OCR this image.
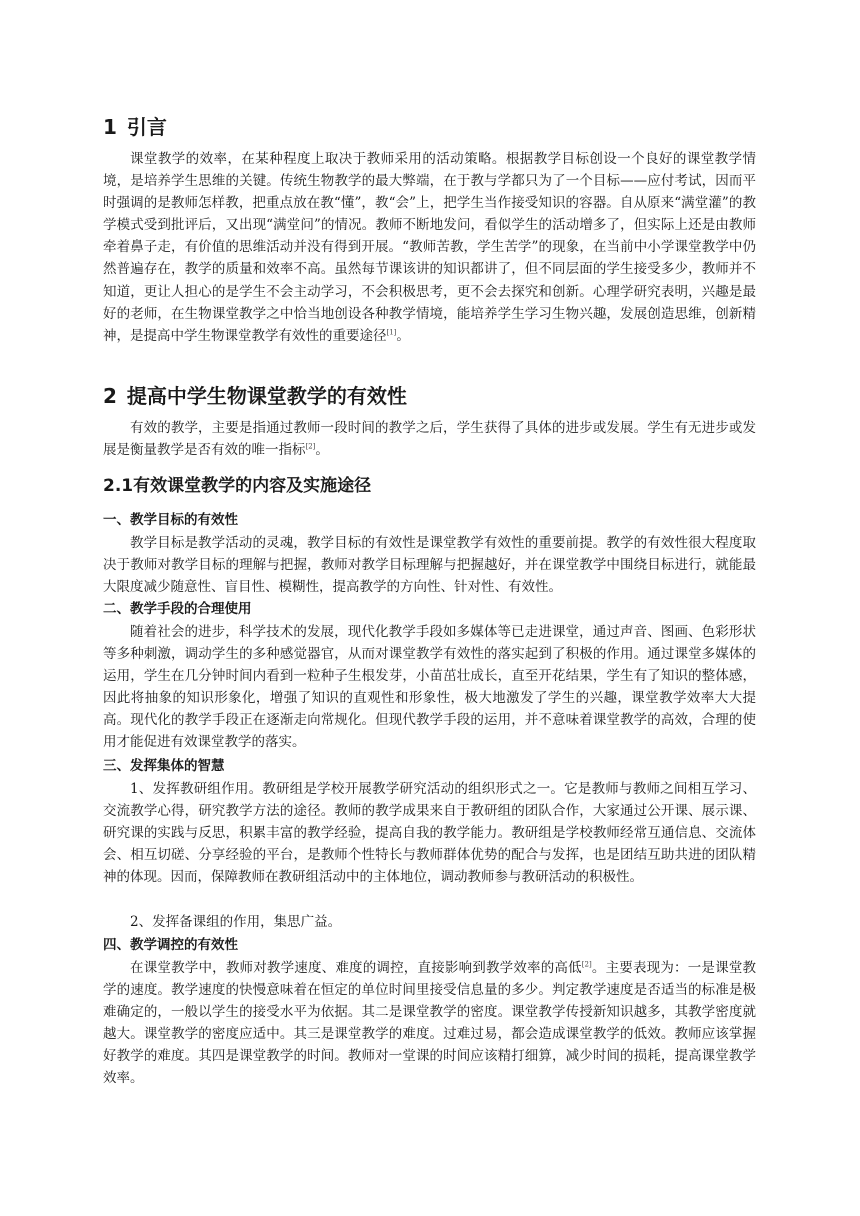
1 引言

课堂教学的效率，在某种程度上取决于教师采用的活动策略。根据教学目标创设一个良好的课堂教学情境，是培养学生思维的关键。传统生物教学的最大弊端，在于教与学都只为了一个目标——应付考试，因而平时强调的是教师怎样教，把重点放在教“懂”，教“会”上，把学生当作接受知识的容器。自从原来“满堂灌”的教学模式受到批评后，又出现“满堂问”的情况。教师不断地发问，看似学生的活动增多了，但实际上还是由教师牵着鼻子走，有价值的思维活动并没有得到开展。“教师苦教，学生苦学”的现象，在当前中小学课堂教学中仍然普遍存在，教学的质量和效率不高。虽然每节课该讲的知识都讲了，但不同层面的学生接受多少，教师并不知道，更让人担心的是学生不会主动学习，不会积极思考，更不会去探究和创新。心理学研究表明，兴趣是最好的老师，在生物课堂教学之中恰当地创设各种教学情境，能培养学生学习生物兴趣，发展创造思维，创新精神，是提高中学生物课堂教学有效性的重要途径[1]。

2 提高中学生物课堂教学的有效性

有效的教学，主要是指通过教师一段时间的教学之后，学生获得了具体的进步或发展。学生有无进步或发展是衡量教学是否有效的唯一指标[2]。

2.1有效课堂教学的内容及实施途径
一、教学目标的有效性

教学目标是教学活动的灵魂，教学目标的有效性是课堂教学有效性的重要前提。教学的有效性很大程度取决于教师对教学目标的理解与把握，教师对教学目标理解与把握越好，并在课堂教学中围绕目标进行，就能最大限度减少随意性、盲目性、模糊性，提高教学的方向性、针对性、有效性。

二、教学手段的合理使用

随着社会的进步，科学技术的发展，现代化教学手段如多媒体等已走进课堂，通过声音、图画、色彩形状等多种刺激，调动学生的多种感觉器官，从而对课堂教学有效性的落实起到了积极的作用。通过课堂多媒体的运用，学生在几分钟时间内看到一粒种子生根发芽，小苗茁壮成长，直至开花结果，学生有了知识的整体感，因此将抽象的知识形象化，增强了知识的直观性和形象性，极大地激发了学生的兴趣，课堂教学效率大大提高。现代化的教学手段正在逐渐走向常规化。但现代教学手段的运用，并不意味着课堂教学的高效，合理的使用才能促进有效课堂教学的落实。

三、发挥集体的智慧

1、发挥教研组作用。教研组是学校开展教学研究活动的组织形式之一。它是教师与教师之间相互学习、交流教学心得，研究教学方法的途径。教师的教学成果来自于教研组的团队合作，大家通过公开课、展示课、研究课的实践与反思，积累丰富的教学经验，提高自我的教学能力。教研组是学校教师经常互通信息、交流体会、相互切磋、分享经验的平台，是教师个性特长与教师群体优势的配合与发挥，也是团结互助共进的团队精神的体现。因而，保障教师在教研组活动中的主体地位，调动教师参与教研活动的积极性。

2、发挥备课组的作用，集思广益。

四、教学调控的有效性

在课堂教学中，教师对教学速度、难度的调控，直接影响到教学效率的高低[2]。主要表现为：一是课堂教学的速度。教学速度的快慢意味着在恒定的单位时间里接受信息量的多少。判定教学速度是否适当的标准是极难确定的，一般以学生的接受水平为依据。其二是课堂教学的密度。课堂教学传授新知识越多，其教学密度就越大。课堂教学的密度应适中。其三是课堂教学的难度。过难过易，都会造成课堂教学的低效。教师应该掌握好教学的难度。其四是课堂教学的时间。教师对一堂课的时间应该精打细算，减少时间的损耗，提高课堂教学效率。
